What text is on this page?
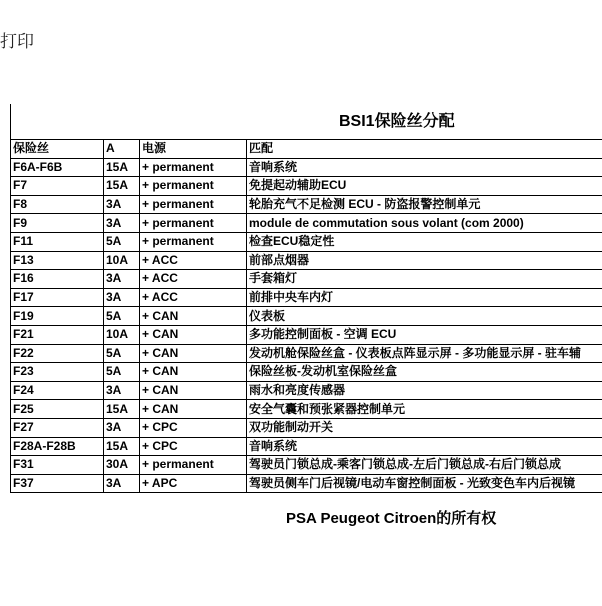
打印
BSI1保险丝分配
保险丝	A	电源	匹配
F6A-F6B	15A	+ permanent	音响系统
F7	15A	+ permanent	免提起动辅助ECU
F8	3A	+ permanent	轮胎充气不足检测 ECU - 防盗报警控制单元
F9	3A	+ permanent	module de commutation sous volant (com 2000)
F11	5A	+ permanent	检查ECU稳定性
F13	10A	+ ACC	前部点烟器
F16	3A	+ ACC	手套箱灯
F17	3A	+ ACC	前排中央车内灯
F19	5A	+ CAN	仪表板
F21	10A	+ CAN	多功能控制面板 - 空调 ECU
F22	5A	+ CAN	发动机舱保险丝盒 - 仪表板点阵显示屏 - 多功能显示屏 - 驻车辅
F23	5A	+ CAN	保险丝板-发动机室保险丝盒
F24	3A	+ CAN	雨水和亮度传感器
F25	15A	+ CAN	安全气囊和预张紧器控制单元
F27	3A	+ CPC	双功能制动开关
F28A-F28B	15A	+ CPC	音响系统
F31	30A	+ permanent	驾驶员门锁总成-乘客门锁总成-左后门锁总成-右后门锁总成
F37	3A	+ APC	驾驶员侧车门后视镜/电动车窗控制面板 - 光致变色车内后视镜
PSA Peugeot Citroen的所有权
